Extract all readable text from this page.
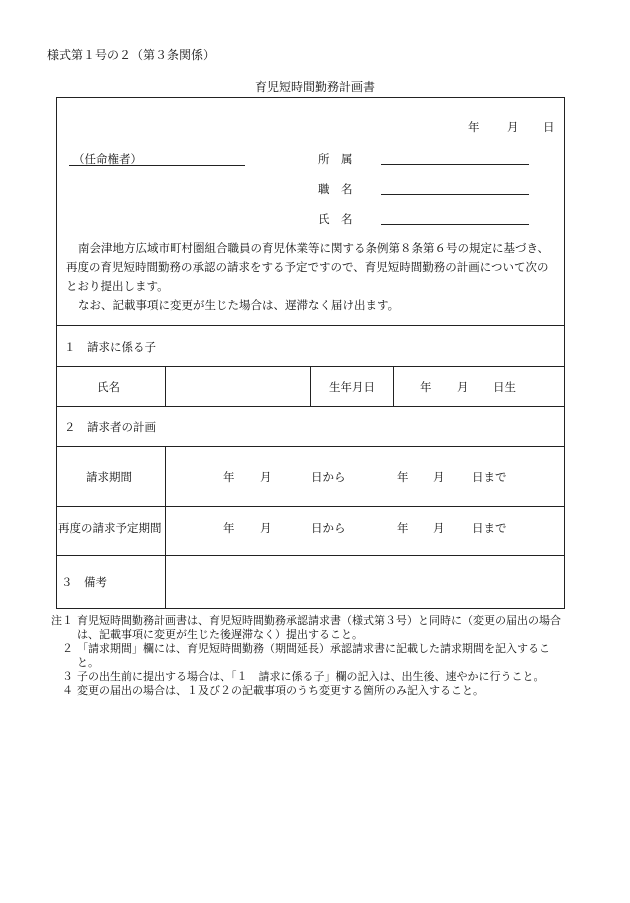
様式第１号の２（第３条関係）
育児短時間勤務計画書
年 月 日
（任命権者）	所　属
職　名
氏　名
南会津地方広域市町村圏組合職員の育児休業等に関する条例第８条第６号の規定に基づき、再度の育児短時間勤務の承認の請求をする予定ですので、育児短時間勤務の計画について次のとおり提出します。
なお、記載事項に変更が生じた場合は、遅滞なく届け出ます。
１　請求に係る子
氏名	生年月日	年 月 日生
２　請求者の計画
請求期間	年 月	日から	年 月 日まで
再度の請求予定期間	年 月	日から	年 月 日まで
３　備考
注１ 育児短時間勤務計画書は、育児短時間勤務承認請求書（様式第３号）と同時に（変更の届出の場合は、記載事項に変更が生じた後遅滞なく）提出すること。
２ 「請求期間」欄には、育児短時間勤務（期間延長）承認請求書に記載した請求期間を記入すること。
３ 子の出生前に提出する場合は、「１　請求に係る子」欄の記入は、出生後、速やかに行うこと。
４ 変更の届出の場合は、１及び２の記載事項のうち変更する箇所のみ記入すること。
